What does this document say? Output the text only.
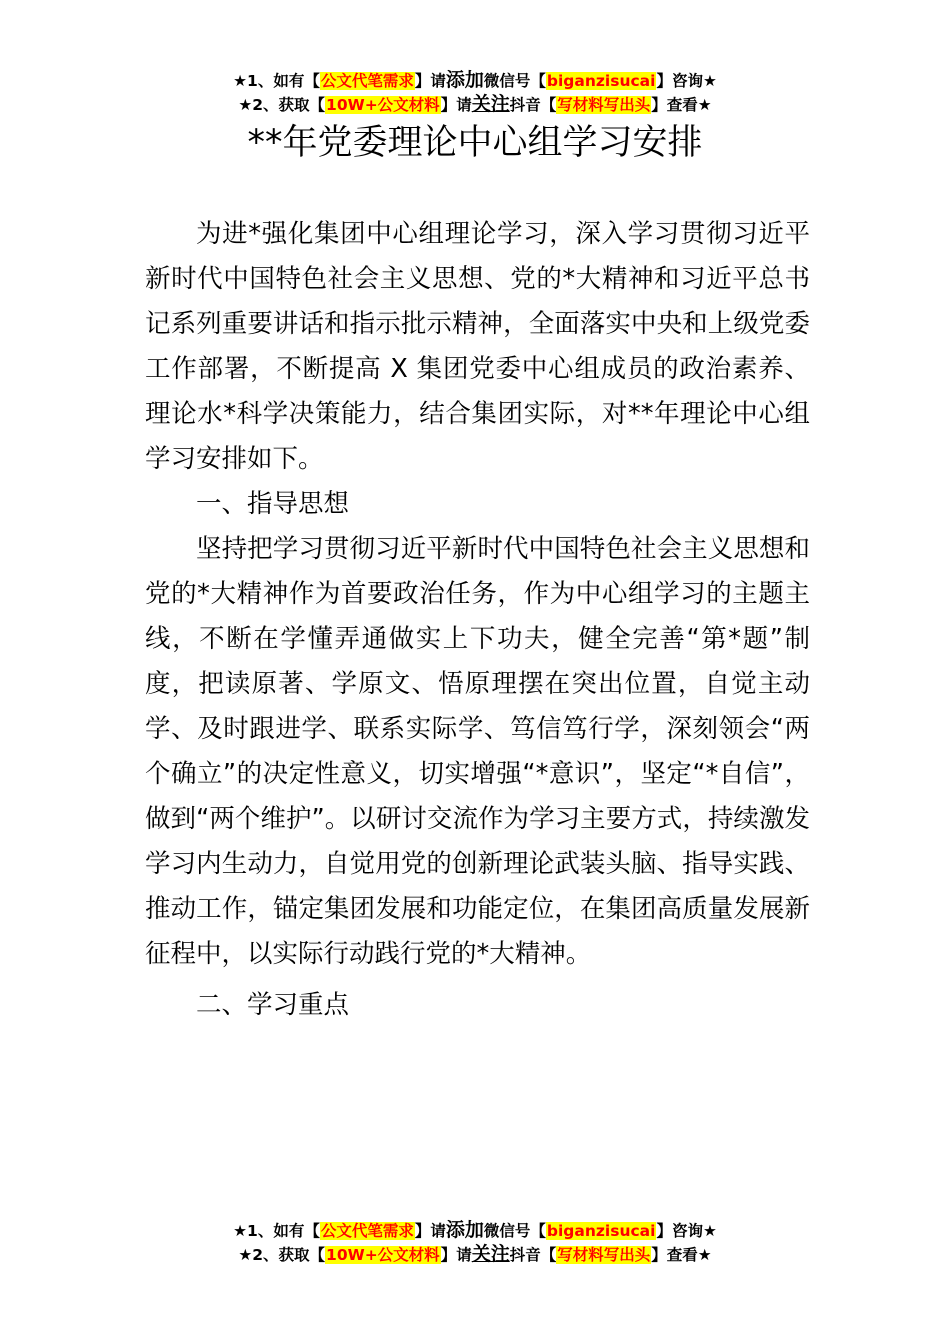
★1、如有【公文代笔需求】请添加微信号【biganzisucai】咨询★
★2、获取【10W+公文材料】请关注抖音【写材料写出头】查看★
**年党委理论中心组学习安排

为进*强化集团中心组理论学习，深入学习贯彻习近平新时代中国特色社会主义思想、党的*大精神和习近平总书记系列重要讲话和指示批示精神，全面落实中央和上级党委工作部署，不断提高 X 集团党委中心组成员的政治素养、理论水*科学决策能力，结合集团实际，对**年理论中心组学习安排如下。

一、指导思想

坚持把学习贯彻习近平新时代中国特色社会主义思想和党的*大精神作为首要政治任务，作为中心组学习的主题主线，不断在学懂弄通做实上下功夫，健全完善“第*题”制度，把读原著、学原文、悟原理摆在突出位置，自觉主动学、及时跟进学、联系实际学、笃信笃行学，深刻领会“两个确立”的决定性意义，切实增强“*意识”，坚定“*自信”，做到“两个维护”。以研讨交流作为学习主要方式，持续激发学习内生动力，自觉用党的创新理论武装头脑、指导实践、推动工作，锚定集团发展和功能定位，在集团高质量发展新征程中，以实际行动践行党的*大精神。

二、学习重点

★1、如有【公文代笔需求】请添加微信号【biganzisucai】咨询★
★2、获取【10W+公文材料】请关注抖音【写材料写出头】查看★
